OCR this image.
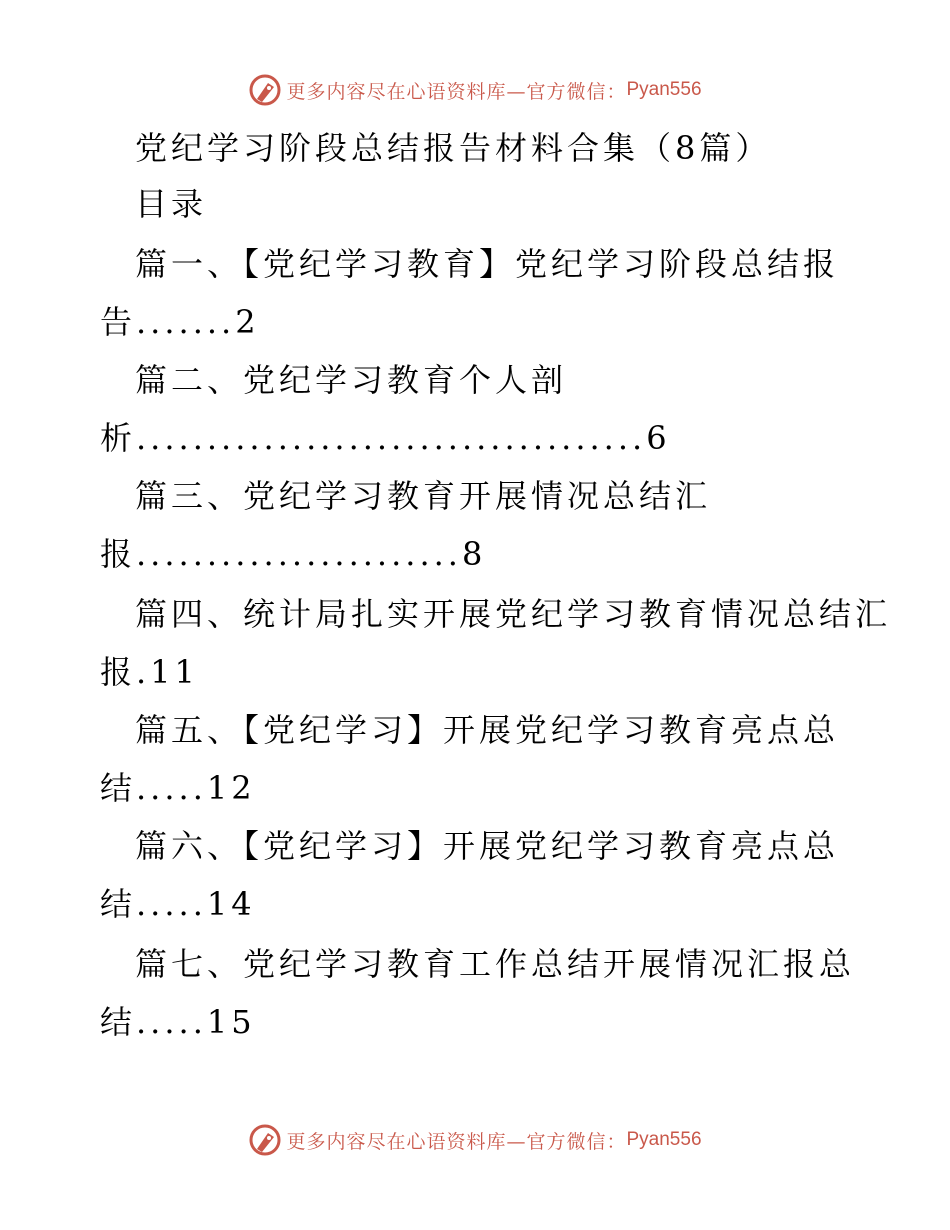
更多内容尽在心语资料库—官方微信： Pyan556
党纪学习阶段总结报告材料合集（8篇）
目录
篇一、【党纪学习教育】党纪学习阶段总结报
告.......2
篇二、党纪学习教育个人剖
析....................................6
篇三、党纪学习教育开展情况总结汇
报.......................8
篇四、统计局扎实开展党纪学习教育情况总结汇
报.11
篇五、【党纪学习】开展党纪学习教育亮点总
结.....12
篇六、【党纪学习】开展党纪学习教育亮点总
结.....14
篇七、党纪学习教育工作总结开展情况汇报总
结.....15
更多内容尽在心语资料库—官方微信： Pyan556
